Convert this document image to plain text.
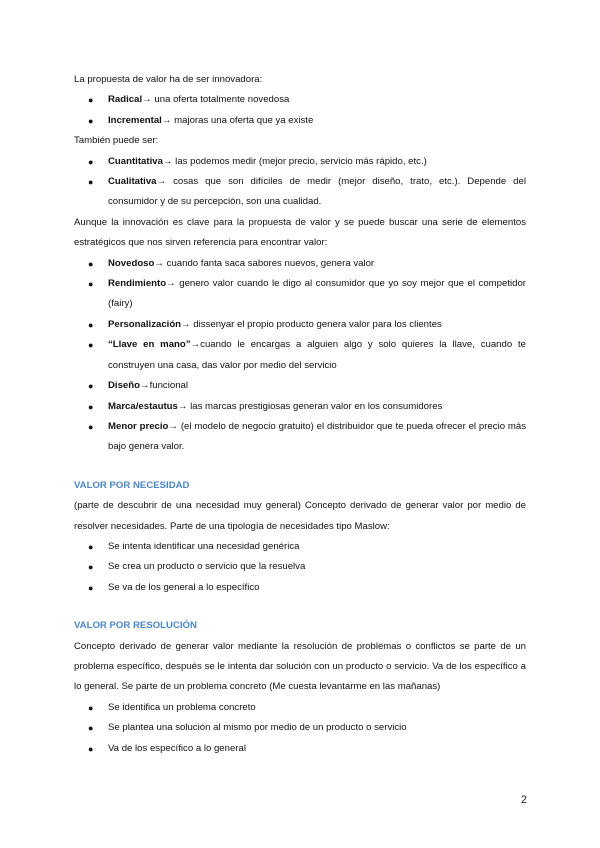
La propuesta de valor ha de ser innovadora:

● Radical→ una oferta totalmente novedosa
● Incremental→ majoras una oferta que ya existe

También puede ser:

● Cuantitativa→ las podemos medir (mejor precio, servicio más rápido, etc.)
● Cualitativa→ cosas que son difíciles de medir (mejor diseño, trato, etc.). Depende del consumidor y de su percepción, son una cualidad.

Aunque la innovación es clave para la propuesta de valor y se puede buscar una serie de elementos estratégicos que nos sirven referencia para encontrar valor:

● Novedoso→ cuando fanta saca sabores nuevos, genera valor
● Rendimiento→ genero valor cuando le digo al consumidor que yo soy mejor que el competidor (fairy)
● Personalización→ dissenyar el propio producto genera valor para los clientes
● “Llave en mano”→cuando le encargas a alguien algo y solo quieres la llave, cuando te construyen una casa, das valor por medio del servicio
● Diseño→funcional
● Marca/estautus→ las marcas prestigiosas generan valor en los consumidores
● Menor precio→ (el modelo de negocio gratuito) el distribuidor que te pueda ofrecer el precio más bajo genera valor.
VALOR POR NECESIDAD

(parte de descubrir de una necesidad muy general) Concepto derivado de generar valor por medio de resolver necesidades. Parte de una tipología de necesidades tipo Maslow:

● Se intenta identificar una necesidad genérica
● Se crea un producto o servicio que la resuelva
● Se va de los general a lo específico
VALOR POR RESOLUCIÓN

Concepto derivado de generar valor mediante la resolución de problemas o conflictos se parte de un problema específico, después se le intenta dar solución con un producto o servicio. Va de los específico a lo general. Se parte de un problema concreto (Me cuesta levantarme en las mañanas)

● Se identifica un problema concreto
● Se plantea una solución al mismo por medio de un producto o servicio
● Va de los específico a lo general
2
